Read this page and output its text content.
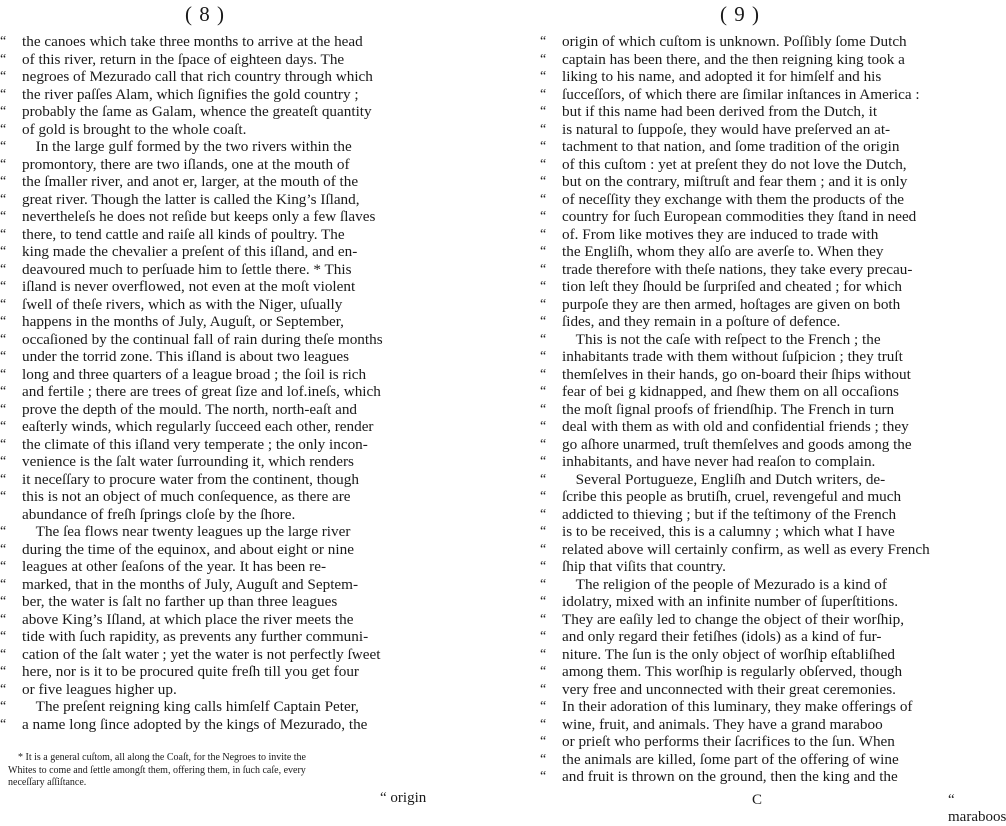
( 8 )
“ the canoes which take three months to arrive at the head
“ of this river, return in the ſpace of eighteen days. The
“ negroes of Mezurado call that rich country through which
“ the river paſſes Alam, which ſignifies the gold country ;
“ probably the ſame as Galam, whence the greateſt quantity
“ of gold is brought to the whole coaſt.
“	In the large gulf formed by the two rivers within the
“ promontory, there are two iſlands, one at the mouth of
“ the ſmaller river, and anot er, larger, at the mouth of the
“ great river. Though the latter is called the King’s Iſland,
“ nevertheleſs he does not reſide but keeps only a few ſlaves
“ there, to tend cattle and raiſe all kinds of poultry. The
“ king made the chevalier a preſent of this iſland, and en-
“ deavoured much to perſuade him to ſettle there. * This
“ iſland is never overflowed, not even at the moſt violent
“ ſwell of theſe rivers, which as with the Niger, uſually
“ happens in the months of July, Auguſt, or September,
“ occaſioned by the continual fall of rain during theſe months
“ under the torrid zone. This iſland is about two leagues
“ long and three quarters of a league broad ; the ſoil is rich
“ and fertile ; there are trees of great ſize and lof.ineſs, which
“ prove the depth of the mould. The north, north-eaſt and
“ eaſterly winds, which regularly ſucceed each other, render
“ the climate of this iſland very temperate ; the only incon-
“ venience is the ſalt water ſurrounding it, which renders
“ it neceſſary to procure water from the continent, though
“ this is not an object of much conſequence, as there are
abundance of freſh ſprings cloſe by the ſhore.
“	The ſea flows near twenty leagues up the large river
“ during the time of the equinox, and about eight or nine
“ leagues at other ſeaſons of the year. It has been re-
“ marked, that in the months of July, Auguſt and Septem-
“ ber, the water is ſalt no farther up than three leagues
“ above King’s Iſland, at which place the river meets the
“ tide with ſuch rapidity, as prevents any further communi-
“ cation of the ſalt water ; yet the water is not perfectly ſweet
“ here, nor is it to be procured quite freſh till you get four
“ or five leagues higher up.
“	The preſent reigning king calls himſelf Captain Peter,
“ a name long ſince adopted by the kings of Mezurado, the
* It is a general cuſtom, all along the Coaſt, for the Negroes to invite the
Whites to come and ſettle amongſt them, offering them, in ſuch caſe, every
neceſſary aſſiſtance.
“ origin
( 9 )
“ origin of which cuſtom is unknown. Poſſibly ſome Dutch
“ captain has been there, and the then reigning king took a
“ liking to his name, and adopted it for himſelf and his
“ ſucceſſors, of which there are ſimilar inſtances in America :
“ but if this name had been derived from the Dutch, it
“ is natural to ſuppoſe, they would have preſerved an at-
“ tachment to that nation, and ſome tradition of the origin
“ of this cuſtom : yet at preſent they do not love the Dutch,
“ but on the contrary, miſtruſt and fear them ; and it is only
“ of neceſſity they exchange with them the products of the
“ country for ſuch European commodities they ſtand in need
“ of. From like motives they are induced to trade with
“ the Engliſh, whom they alſo are averſe to. When they
“ trade therefore with theſe nations, they take every precau-
“ tion leſt they ſhould be ſurpriſed and cheated ; for which
“ purpoſe they are then armed, hoſtages are given on both
“ ſides, and they remain in a poſture of defence.
“	This is not the caſe with reſpect to the French ; the
“ inhabitants trade with them without ſuſpicion ; they truſt
“ themſelves in their hands, go on-board their ſhips without
“ fear of bei g kidnapped, and ſhew them on all occaſions
“ the moſt ſignal proofs of friendſhip. The French in turn
“ deal with them as with old and confidential friends ; they
“ go aſhore unarmed, truſt themſelves and goods among the
“ inhabitants, and have never had reaſon to complain.
“	Several Portugueze, Engliſh and Dutch writers, de-
“ ſcribe this people as brutiſh, cruel, revengeful and much
“ addicted to thieving ; but if the teſtimony of the French
“ is to be received, this is a calumny ; which what I have
“ related above will certainly confirm, as well as every French
“ ſhip that viſits that country.
“	The religion of the people of Mezurado is a kind of
“ idolatry, mixed with an infinite number of ſuperſtitions.
“ They are eaſily led to change the object of their worſhip,
“ and only regard their fetiſhes (idols) as a kind of fur-
“ niture. The ſun is the only object of worſhip eſtabliſhed
“ among them. This worſhip is regularly obſerved, though
“ very free and unconnected with their great ceremonies.
“ In their adoration of this luminary, they make offerings of
“ wine, fruit, and animals. They have a grand maraboo
“ or prieſt who performs their ſacrifices to the ſun. When
“ the animals are killed, ſome part of the offering of wine
“ and fruit is thrown on the ground, then the king and the
C	“ maraboos
